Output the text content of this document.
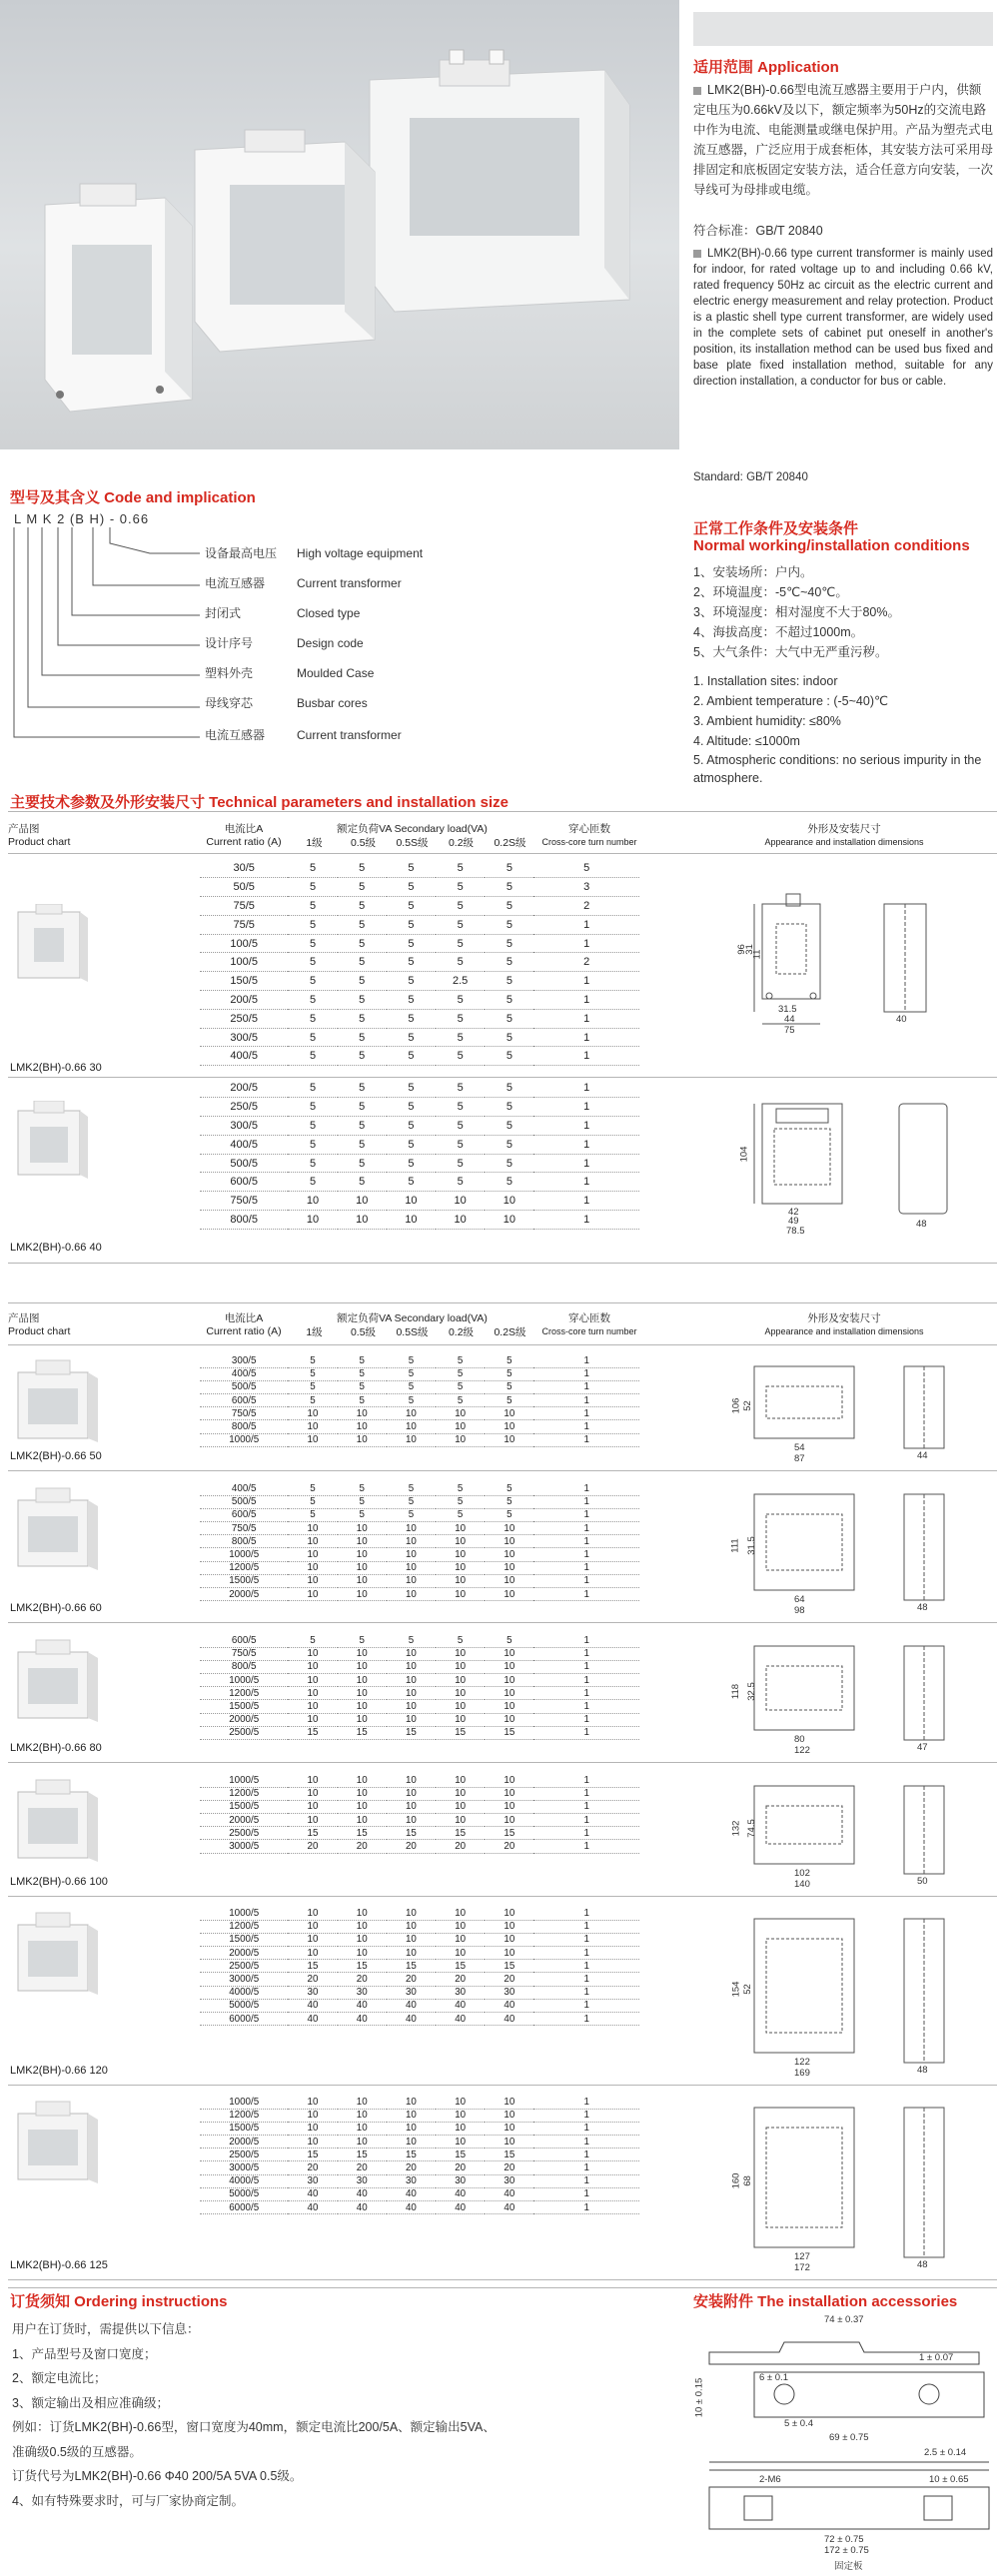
适用范围 Application
LMK2(BH)-0.66型电流互感器主要用于户内，供额定电压为0.66kV及以下，额定频率为50Hz的交流电路中作为电流、电能测量或继电保护用。产品为塑壳式电流互感器，广泛应用于成套柜体，其安装方法可采用母排固定和底板固定安装方法，适合任意方向安装，一次导线可为母排或电缆。
符合标准：GB/T 20840
LMK2(BH)-0.66 type current transformer is mainly used for indoor, for rated voltage up to and including 0.66 kV, rated frequency 50Hz ac circuit as the electric current and electric energy measurement and relay protection. Product is a plastic shell type current transformer, are widely used in the complete sets of cabinet put oneself in another's position, its installation method can be used bus fixed and base plate fixed installation method, suitable for any direction installation, a conductor for bus or cable.
Standard: GB/T 20840
正常工作条件及安装条件
Normal working/installation conditions
1、安装场所：户内。
2、环境温度：-5℃~40℃。
3、环境湿度：相对湿度不大于80%。
4、海拔高度：不超过1000m。
5、大气条件：大气中无严重污秽。
1. Installation sites: indoor
2. Ambient temperature : (-5~40)℃
3. Ambient humidity: ≤80%
4. Altitude: ≤1000m
5. Atmospheric conditions: no serious impurity in the atmosphere.
型号及其含义 Code and implication
L M K 2 (B H) - 0.66
设备最高电压 High voltage equipment
电流互感器	Current transformer
封闭式	Closed type
设计序号	Design code
塑料外壳	Moulded Case
母线穿芯	Busbar cores
电流互感器	Current transformer
主要技术参数及外形安装尺寸 Technical parameters and installation size
产品图
Product chart
电流比A
Current ratio (A)
额定负荷VA Secondary load(VA)
1级	0.5级	0.5S级	0.2级	0.2S级
穿心匝数
Cross-core turn number
外形及安装尺寸
Appearance and installation dimensions
LMK2(BH)-0.66 30
30/5	5	5	5	5	5	5
50/5	5	5	5	5	5	3
75/5	5	5	5	5	5	2
75/5	5	5	5	5	5	1
100/5	5	5	5	5	5	1
100/5	5	5	5	5	5	2
150/5	5	5	5	2.5	5	1
200/5	5	5	5	5	5	1
250/5	5	5	5	5	5	1
300/5	5	5	5	5	5	1
400/5	5	5	5	5	5	1
96
31
11
31.5
44
75
40
LMK2(BH)-0.66 40
200/5	5	5	5	5	5	1
250/5	5	5	5	5	5	1
300/5	5	5	5	5	5	1
400/5	5	5	5	5	5	1
500/5	5	5	5	5	5	1
600/5	5	5	5	5	5	1
750/5	10	10	10	10	10	1
800/5	10	10	10	10	10	1
104
42
49
78.5
48
产品图
Product chart
电流比A
Current ratio (A)
额定负荷VA Secondary load(VA)
1级	0.5级	0.5S级	0.2级	0.2S级
穿心匝数
Cross-core turn number
外形及安装尺寸
Appearance and installation dimensions
LMK2(BH)-0.66 50
300/5	5	5	5	5	5	1
400/5	5	5	5	5	5	1
500/5	5	5	5	5	5	1
600/5	5	5	5	5	5	1
750/5	10	10	10	10	10	1
800/5	10	10	10	10	10	1
1000/5	10	10	10	10	10	1
106 52
54
87	44
LMK2(BH)-0.66 60
400/5	5	5	5	5	5	1
500/5	5	5	5	5	5	1
600/5	5	5	5	5	5	1
750/5	10	10	10	10	10	1
800/5	10	10	10	10	10	1
1000/5	10	10	10	10	10	1
1200/5	10	10	10	10	10	1
1500/5	10	10	10	10	10	1
2000/5	10	10	10	10	10	1
111 31.5
64
98	48
LMK2(BH)-0.66 80
600/5	5	5	5	5	5	1
750/5	10	10	10	10	10	1
800/5	10	10	10	10	10	1
1000/5	10	10	10	10	10	1
1200/5	10	10	10	10	10	1
1500/5	10	10	10	10	10	1
2000/5	10	10	10	10	10	1
2500/5	15	15	15	15	15	1
118 32.5
80
122	47
LMK2(BH)-0.66 100
1000/5	10	10	10	10	10	1
1200/5	10	10	10	10	10	1
1500/5	10	10	10	10	10	1
2000/5	10	10	10	10	10	1
2500/5	15	15	15	15	15	1
3000/5	20	20	20	20	20	1
132 74.5
102
140	50
LMK2(BH)-0.66 120
1000/5	10	10	10	10	10	1
1200/5	10	10	10	10	10	1
1500/5	10	10	10	10	10	1
2000/5	10	10	10	10	10	1
2500/5	15	15	15	15	15	1
3000/5	20	20	20	20	20	1
4000/5	30	30	30	30	30	1
5000/5	40	40	40	40	40	1
6000/5	40	40	40	40	40	1
154 52
122
169	48
LMK2(BH)-0.66 125
1000/5	10	10	10	10	10	1
1200/5	10	10	10	10	10	1
1500/5	10	10	10	10	10	1
2000/5	10	10	10	10	10	1
2500/5	15	15	15	15	15	1
3000/5	20	20	20	20	20	1
4000/5	30	30	30	30	30	1
5000/5	40	40	40	40	40	1
6000/5	40	40	40	40	40	1
160 68
127
172	48
订货须知 Ordering instructions
用户在订货时，需提供以下信息：
1、产品型号及窗口宽度；
2、额定电流比；
3、额定输出及相应准确级；
例如：订货LMK2(BH)-0.66型，窗口宽度为40mm，额定电流比200/5A、额定输出5VA、
准确级0.5级的互感器。
订货代号为LMK2(BH)-0.66 Φ40 200/5A 5VA 0.5级。
4、如有特殊要求时，可与厂家协商定制。
安装附件 The installation accessories
74 ± 0.37
1 ± 0.07
10 ± 0.15
6 ± 0.1
5 ± 0.4
69 ± 0.75
2.5 ± 0.14
2-M6	10 ± 0.65
72 ± 0.75
172 ± 0.75
固定板
